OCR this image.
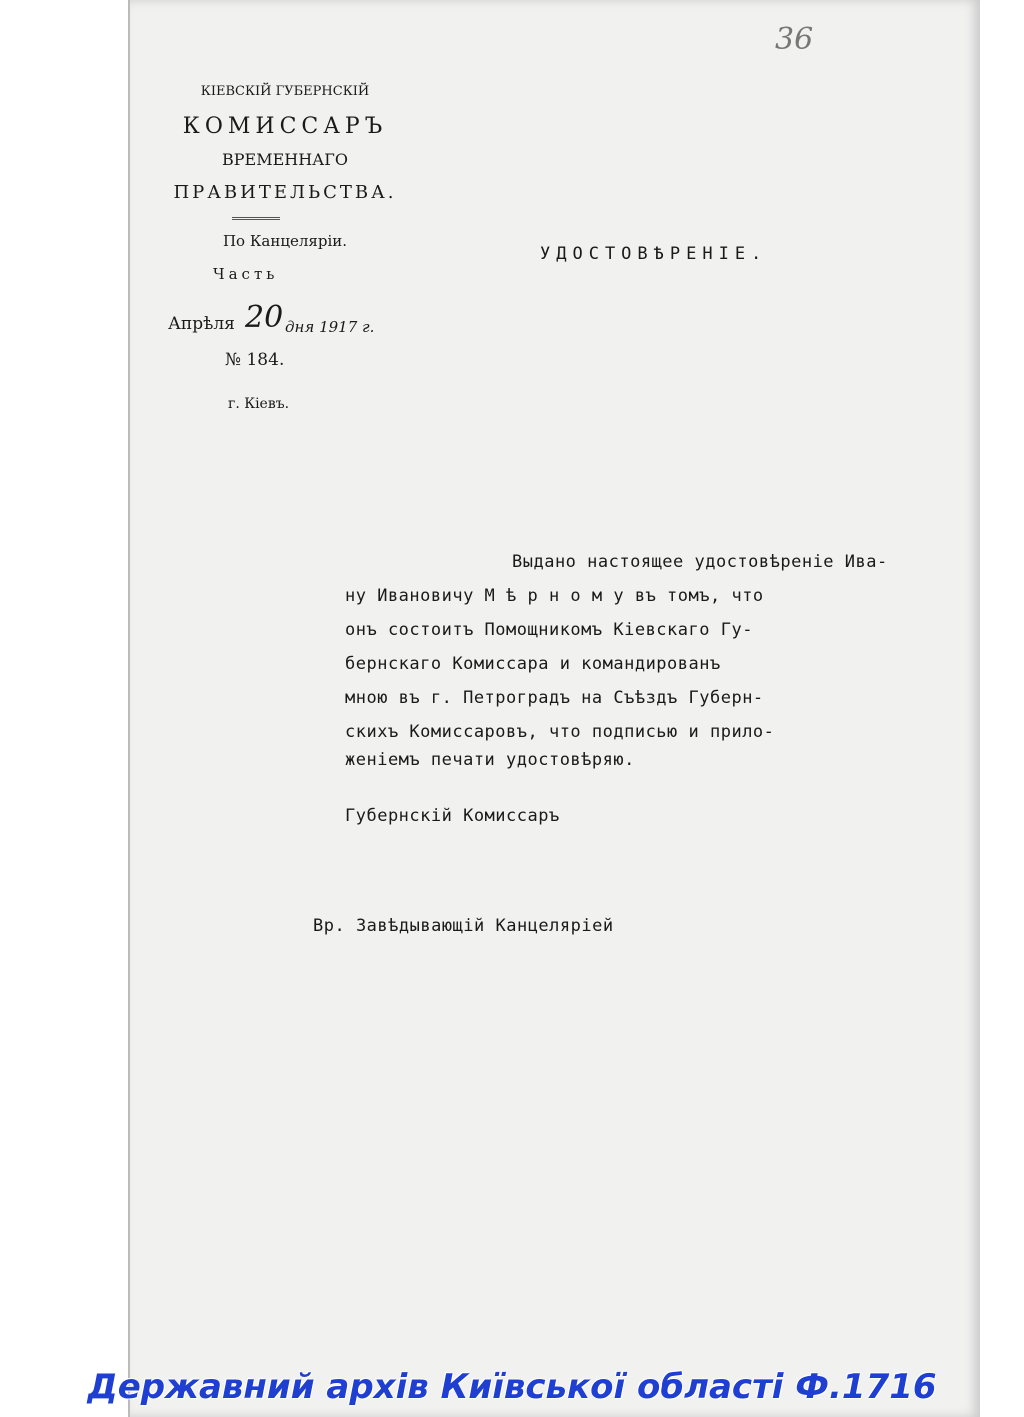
36
КІЕВСКІЙ ГУБЕРНСКІЙ
КОМИССАРЪ
ВРЕМЕННАГО
ПРАВИТЕЛЬСТВА.
По Канцеляріи.
Часть
Апрѣля 20 дня 1917 г.
№ 184.
г. Кіевъ.
УДОСТОВѢРЕНІЕ.
Выдано настоящее удостовѣреніе Ива-
ну Ивановичу М ѣ р н о м у въ томъ, что
онъ состоитъ Помощникомъ Кіевскаго Гу-
бернскаго Комиссара и командированъ
мною въ г. Петроградъ на Съѣздъ Губерн-
скихъ Комиссаровъ, что подписью и прило-
женіемъ печати удостовѣряю.
Губернскій Комиссаръ
Вр. Завѣдывающій Канцеляріей
Державний архів Київської області Ф.1716
